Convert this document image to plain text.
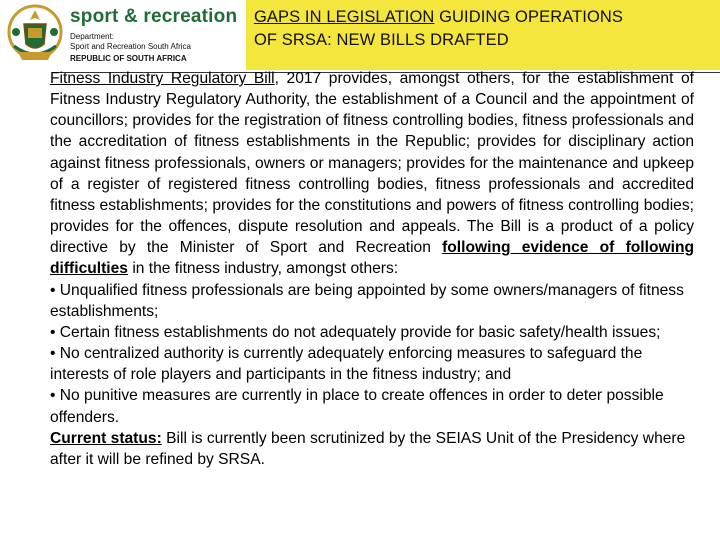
sport & recreation
Department:
Sport and Recreation South Africa
REPUBLIC OF SOUTH AFRICA
GAPS IN LEGISLATION GUIDING OPERATIONS
OF SRSA: NEW BILLS DRAFTED

Fitness Industry Regulatory Bill, 2017 provides, amongst others, for the establishment of Fitness Industry Regulatory Authority, the establishment of a Council and the appointment of councillors; provides for the registration of fitness controlling bodies, fitness professionals and the accreditation of fitness establishments in the Republic; provides for disciplinary action against fitness professionals, owners or managers; provides for the maintenance and upkeep of a register of registered fitness controlling bodies, fitness professionals and accredited fitness establishments; provides for the constitutions and powers of fitness controlling bodies; provides for the offences, dispute resolution and appeals. The Bill is a product of a policy directive by the Minister of Sport and Recreation following evidence of following difficulties in the fitness industry, amongst others:

• Unqualified fitness professionals are being appointed by some owners/managers of fitness establishments;

• Certain fitness establishments do not adequately provide for basic safety/health issues;

• No centralized authority is currently adequately enforcing measures to safeguard the interests of role players and participants in the fitness industry; and

• No punitive measures are currently in place to create offences in order to deter possible offenders.

Current status: Bill is currently been scrutinized by the SEIAS Unit of the Presidency where after it will be refined by SRSA.
